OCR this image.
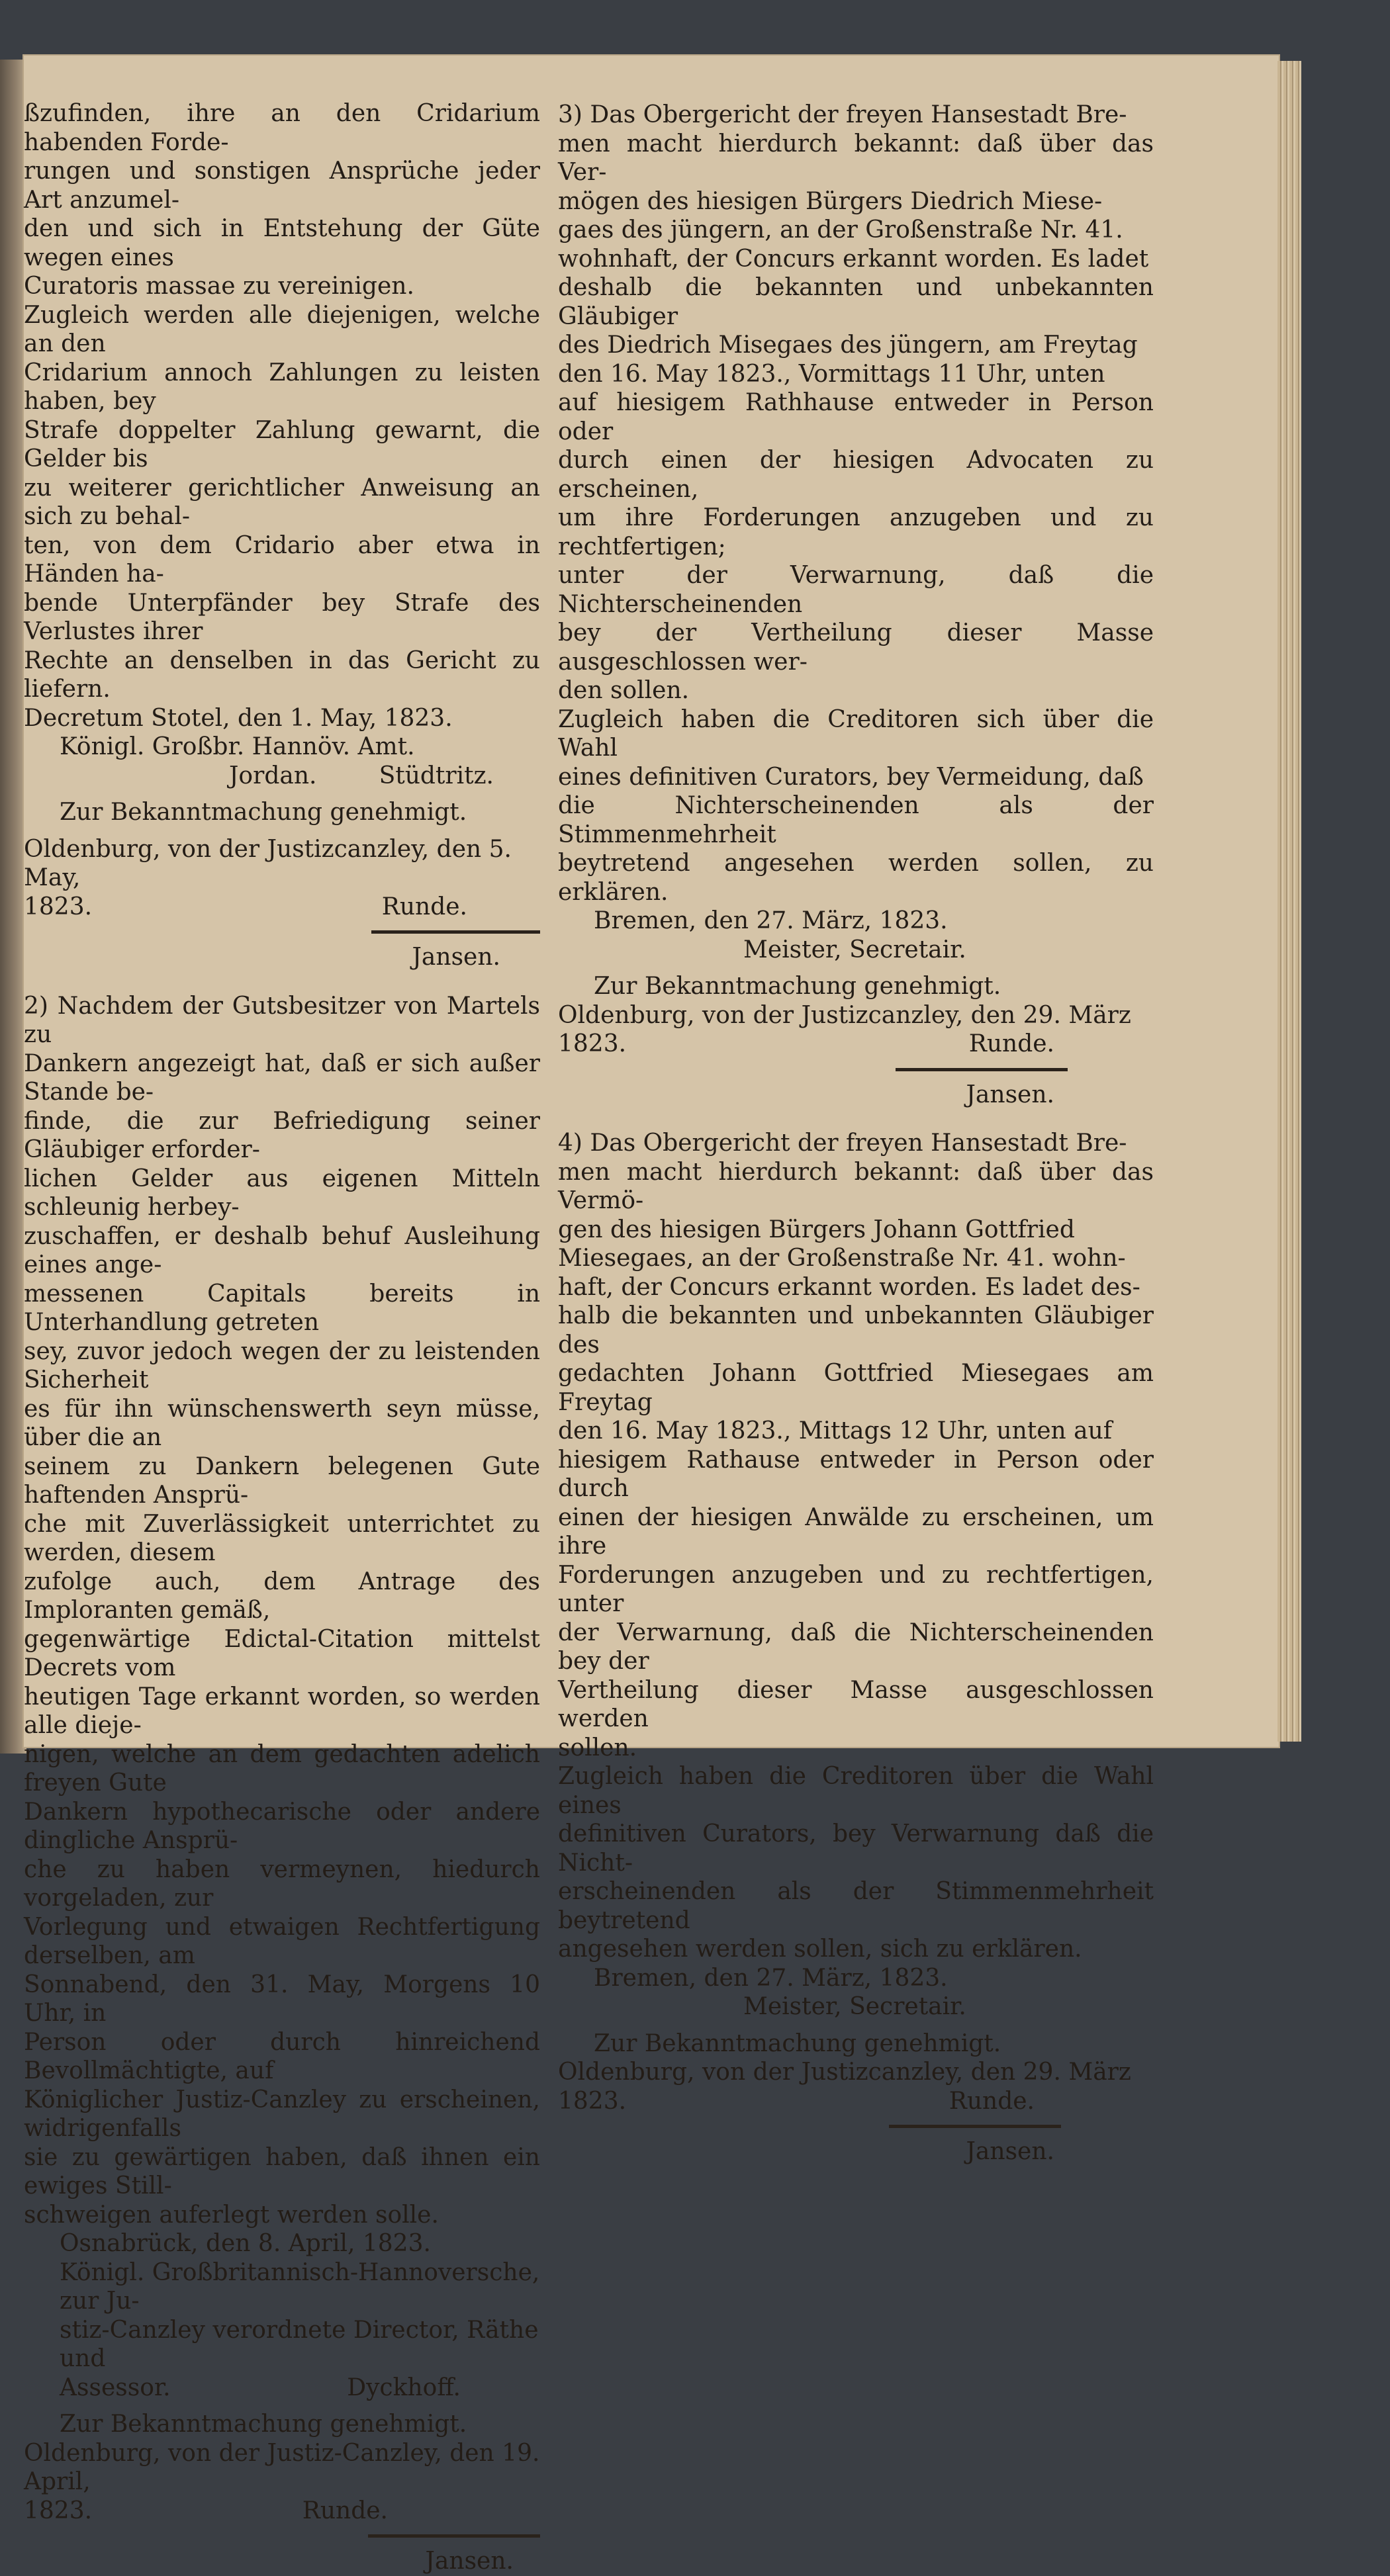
ßzufinden, ihre an den Cridarium habenden Forde-
rungen und sonstigen Ansprüche jeder Art anzumel-
den und sich in Entstehung der Güte wegen eines
Curatoris massae zu vereinigen.
Zugleich werden alle diejenigen, welche an den
Cridarium annoch Zahlungen zu leisten haben, bey
Strafe doppelter Zahlung gewarnt, die Gelder bis
zu weiterer gerichtlicher Anweisung an sich zu behal-
ten, von dem Cridario aber etwa in Händen ha-
bende Unterpfänder bey Strafe des Verlustes ihrer
Rechte an denselben in das Gericht zu liefern.
Decretum Stotel, den 1. May, 1823.
Königl. Großbr. Hannöv. Amt.
Jordan.	Stüdtritz.
Zur Bekanntmachung genehmigt.
Oldenburg, von der Justizcanzley, den 5. May,
1823.	Runde.
Jansen.
2) Nachdem der Gutsbesitzer von Martels zu
Dankern angezeigt hat, daß er sich außer Stande be-
finde, die zur Befriedigung seiner Gläubiger erforder-
lichen Gelder aus eigenen Mitteln schleunig herbey-
zuschaffen, er deshalb behuf Ausleihung eines ange-
messenen Capitals bereits in Unterhandlung getreten
sey, zuvor jedoch wegen der zu leistenden Sicherheit
es für ihn wünschenswerth seyn müsse, über die an
seinem zu Dankern belegenen Gute haftenden Ansprü-
che mit Zuverlässigkeit unterrichtet zu werden, diesem
zufolge auch, dem Antrage des Imploranten gemäß,
gegenwärtige Edictal-Citation mittelst Decrets vom
heutigen Tage erkannt worden, so werden alle dieje-
nigen, welche an dem gedachten adelich freyen Gute
Dankern hypothecarische oder andere dingliche Ansprü-
che zu haben vermeynen, hiedurch vorgeladen, zur
Vorlegung und etwaigen Rechtfertigung derselben, am
Sonnabend, den 31. May, Morgens 10 Uhr, in
Person oder durch hinreichend Bevollmächtigte, auf
Königlicher Justiz-Canzley zu erscheinen, widrigenfalls
sie zu gewärtigen haben, daß ihnen ein ewiges Still-
schweigen auferlegt werden solle.
Osnabrück, den 8. April, 1823.
Königl. Großbritannisch-Hannoversche, zur Ju-
stiz-Canzley verordnete Director, Räthe und
Assessor.	Dyckhoff.
Zur Bekanntmachung genehmigt.
Oldenburg, von der Justiz-Canzley, den 19. April,
1823.	Runde.
Jansen.
3) Das Obergericht der freyen Hansestadt Bre-
men macht hierdurch bekannt: daß über das Ver-
mögen des hiesigen Bürgers Diedrich Miese-
gaes des jüngern, an der Großenstraße Nr. 41.
wohnhaft, der Concurs erkannt worden. Es ladet
deshalb die bekannten und unbekannten Gläubiger
des Diedrich Misegaes des jüngern, am Freytag
den 16. May 1823., Vormittags 11 Uhr, unten
auf hiesigem Rathhause entweder in Person oder
durch einen der hiesigen Advocaten zu erscheinen,
um ihre Forderungen anzugeben und zu rechtfertigen;
unter der Verwarnung, daß die Nichterscheinenden
bey der Vertheilung dieser Masse ausgeschlossen wer-
den sollen.
Zugleich haben die Creditoren sich über die Wahl
eines definitiven Curators, bey Vermeidung, daß
die Nichterscheinenden als der Stimmenmehrheit
beytretend angesehen werden sollen, zu erklären.
Bremen, den 27. März, 1823.
Meister, Secretair.
Zur Bekanntmachung genehmigt.
Oldenburg, von der Justizcanzley, den 29. März
1823.	Runde.
Jansen.
4) Das Obergericht der freyen Hansestadt Bre-
men macht hierdurch bekannt: daß über das Vermö-
gen des hiesigen Bürgers Johann Gottfried
Miesegaes, an der Großenstraße Nr. 41. wohn-
haft, der Concurs erkannt worden. Es ladet des-
halb die bekannten und unbekannten Gläubiger des
gedachten Johann Gottfried Miesegaes am Freytag
den 16. May 1823., Mittags 12 Uhr, unten auf
hiesigem Rathause entweder in Person oder durch
einen der hiesigen Anwälde zu erscheinen, um ihre
Forderungen anzugeben und zu rechtfertigen, unter
der Verwarnung, daß die Nichterscheinenden bey der
Vertheilung dieser Masse ausgeschlossen werden
sollen.
Zugleich haben die Creditoren über die Wahl eines
definitiven Curators, bey Verwarnung daß die Nicht-
erscheinenden als der Stimmenmehrheit beytretend
angesehen werden sollen, sich zu erklären.
Bremen, den 27. März, 1823.
Meister, Secretair.
Zur Bekanntmachung genehmigt.
Oldenburg, von der Justizcanzley, den 29. März
1823.	Runde.
Jansen.
